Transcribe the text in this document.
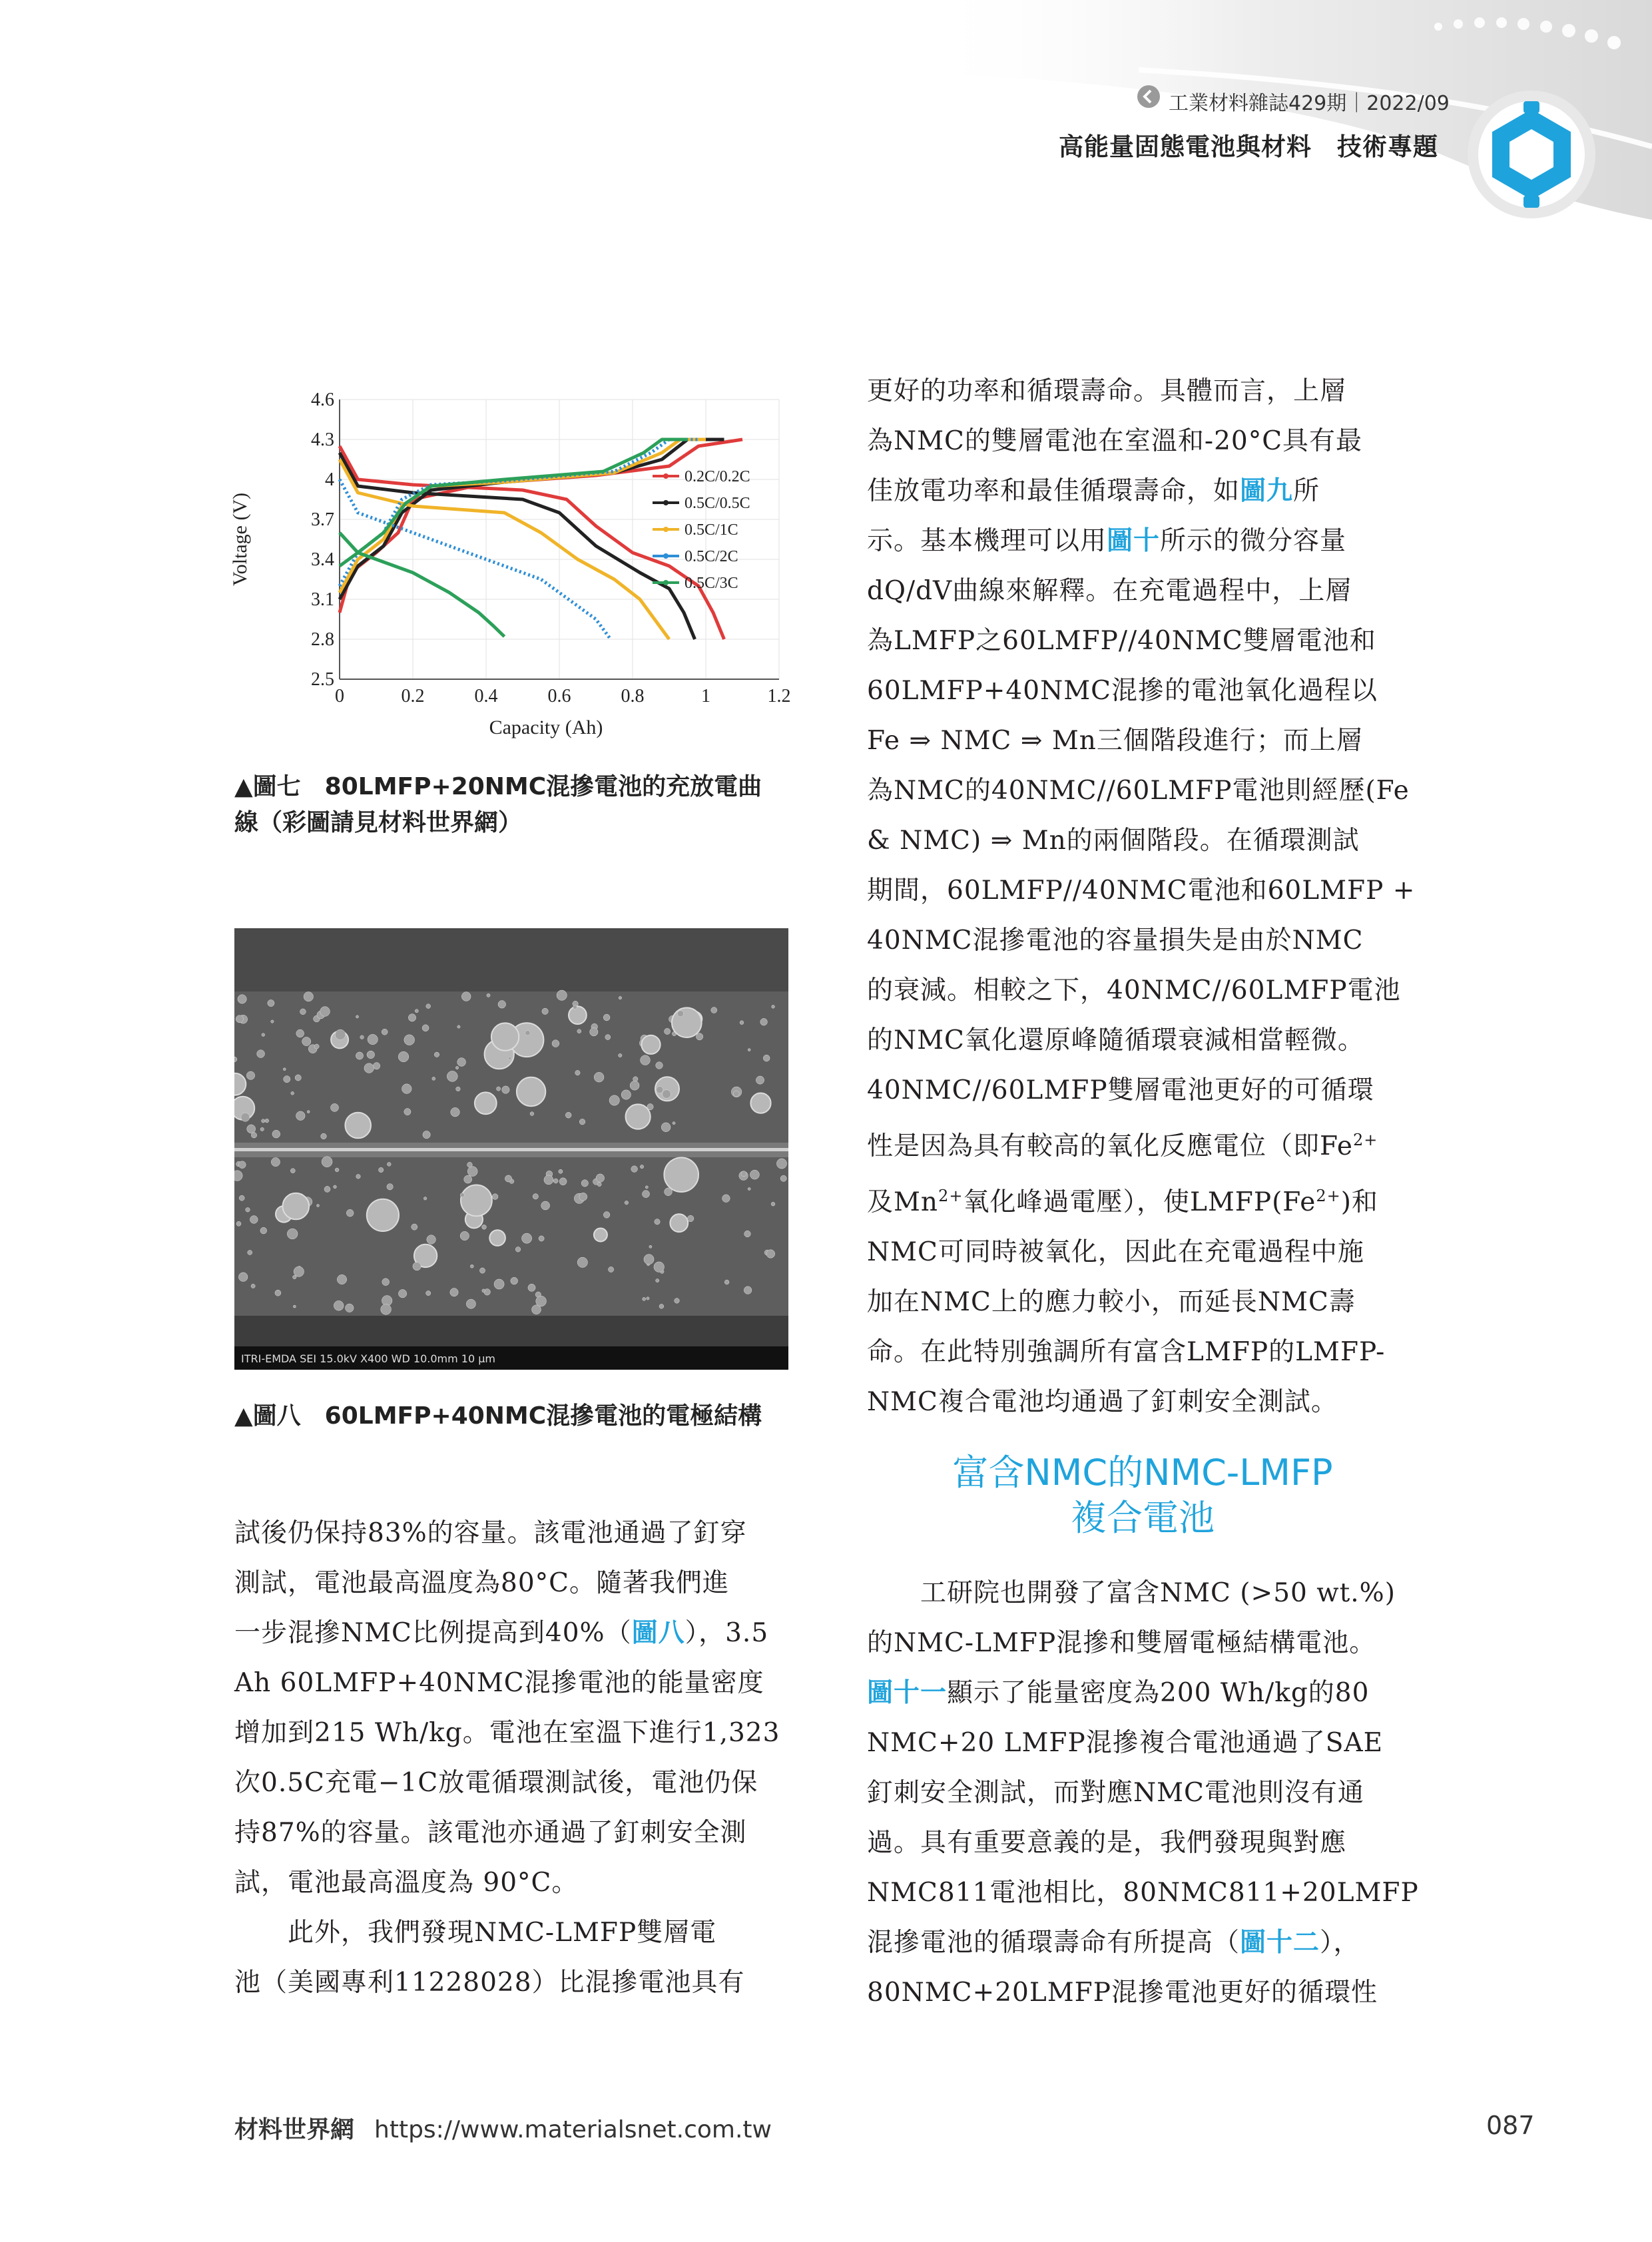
工業材料雜誌429期｜2022/09
高能量固態電池與材料　技術專題
2.5
2.8
3.1
3.4
3.7
4
4.3
4.6
0	0.2	0.4	0.6	0.8	1	1.2
Capacity (Ah)
Voltage (V)
0.2C/0.2C
0.5C/0.5C
0.5C/1C
0.5C/2C
0.5C/3C
▲圖七　80LMFP+20NMC混摻電池的充放電曲
線（彩圖請見材料世界網）
ITRI-EMDA SEI 15.0kV X400 WD 10.0mm 10 μm
▲圖八　60LMFP+40NMC混摻電池的電極結構

試後仍保持83%的容量。該電池通過了釘穿

測試，電池最高溫度為80°C。隨著我們進

一步混摻NMC比例提高到40%（圖八），3.5

Ah 60LMFP+40NMC混摻電池的能量密度

增加到215 Wh/kg。電池在室溫下進行1,323

次0.5C充電−1C放電循環測試後，電池仍保

持87%的容量。該電池亦通過了釘刺安全測

試，電池最高溫度為 90°C。

　　此外，我們發現NMC-LMFP雙層電

池（美國專利11228028）比混摻電池具有

更好的功率和循環壽命。具體而言，上層

為NMC的雙層電池在室溫和-20°C具有最

佳放電功率和最佳循環壽命，如圖九所

示。基本機理可以用圖十所示的微分容量

dQ/dV曲線來解釋。在充電過程中，上層

為LMFP之60LMFP//40NMC雙層電池和

60LMFP+40NMC混摻的電池氧化過程以

Fe ⇒ NMC ⇒ Mn三個階段進行；而上層

為NMC的40NMC//60LMFP電池則經歷(Fe

& NMC) ⇒ Mn的兩個階段。在循環測試

期間，60LMFP//40NMC電池和60LMFP +

40NMC混摻電池的容量損失是由於NMC

的衰減。相較之下，40NMC//60LMFP電池

的NMC氧化還原峰隨循環衰減相當輕微。

40NMC//60LMFP雙層電池更好的可循環

性是因為具有較高的氧化反應電位（即$Fe^{2+}$

及$Mn^{2+}$氧化峰過電壓），使$LMFP(Fe^{2+})$和

NMC可同時被氧化，因此在充電過程中施

加在NMC上的應力較小，而延長NMC壽

命。在此特別強調所有富含LMFP的LMFP-

NMC複合電池均通過了釘刺安全測試。

富含NMC的NMC-LMFP
複合電池

　　工研院也開發了富含NMC (>50 wt.%)

的NMC-LMFP混摻和雙層電極結構電池。

圖十一顯示了能量密度為200 Wh/kg的80

NMC+20 LMFP混摻複合電池通過了SAE

釘刺安全測試，而對應NMC電池則沒有通

過。具有重要意義的是，我們發現與對應

NMC811電池相比，80NMC811+20LMFP

混摻電池的循環壽命有所提高（圖十二），

80NMC+20LMFP混摻電池更好的循環性

材料世界網 https://www.materialsnet.com.tw	087
